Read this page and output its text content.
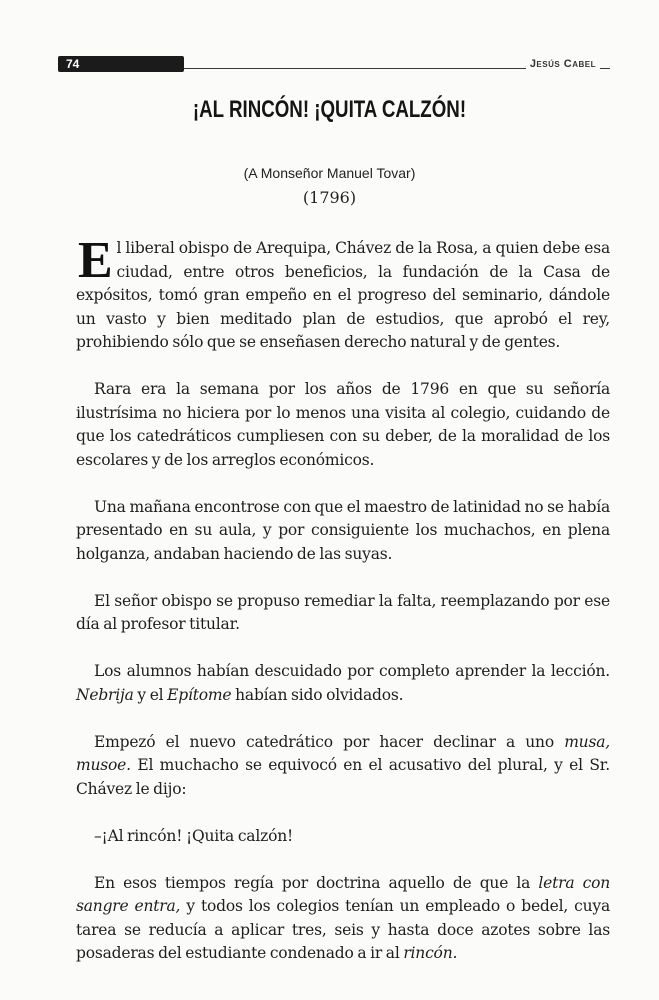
74	Jesús Cabel
¡AL RINCÓN! ¡QUITA CALZÓN!
(A Monseñor Manuel Tovar)
(1796)

El liberal obispo de Arequipa, Chávez de la Rosa, a quien debe esa ciudad, entre otros beneficios, la fundación de la Casa de expósitos, tomó gran empeño en el progreso del seminario, dándole un vasto y bien meditado plan de estudios, que aprobó el rey, prohibiendo sólo que se enseñasen derecho natural y de gentes.

Rara era la semana por los años de 1796 en que su señoría ilustrísima no hiciera por lo menos una visita al colegio, cuidando de que los catedráticos cumpliesen con su deber, de la moralidad de los escolares y de los arreglos económicos.

Una mañana encontrose con que el maestro de latinidad no se había presentado en su aula, y por consiguiente los muchachos, en plena holganza, andaban haciendo de las suyas.

El señor obispo se propuso remediar la falta, reemplazando por ese día al profesor titular.

Los alumnos habían descuidado por completo aprender la lección. Nebrija y el Epítome habían sido olvidados.

Empezó el nuevo catedrático por hacer declinar a uno musa, musoe. El muchacho se equivocó en el acusativo del plural, y el Sr. Chávez le dijo:

–¡Al rincón! ¡Quita calzón!

En esos tiempos regía por doctrina aquello de que la letra con sangre entra, y todos los colegios tenían un empleado o bedel, cuya tarea se reducía a aplicar tres, seis y hasta doce azotes sobre las posaderas del estudiante condenado a ir al rincón.
